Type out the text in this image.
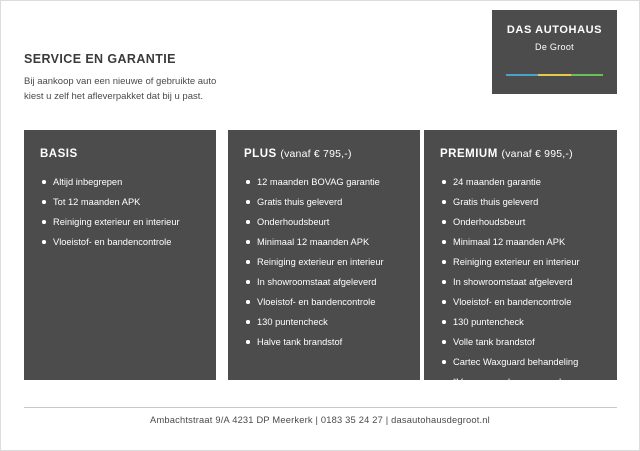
DAS AUTOHAUS
De Groot
SERVICE EN GARANTIE

Bij aankoop van een nieuwe of gebruikte auto

kiest u zelf het afleverpakket dat bij u past.

BASIS
Altijd inbegrepen
Tot 12 maanden APK
Reiniging exterieur en interieur
Vloeistof- en bandencontrole
PLUS (vanaf € 795,-)
12 maanden BOVAG garantie
Gratis thuis geleverd
Onderhoudsbeurt
Minimaal 12 maanden APK
Reiniging exterieur en interieur
In showroomstaat afgeleverd
Vloeistof- en bandencontrole
130 puntencheck
Halve tank brandstof
PREMIUM (vanaf € 995,-)
24 maanden garantie
Gratis thuis geleverd
Onderhoudsbeurt
Minimaal 12 maanden APK
Reiniging exterieur en interieur
In showroomstaat afgeleverd
Vloeistof- en bandencontrole
130 puntencheck
Volle tank brandstof
Cartec Waxguard behandeling
*Vraag naar de voorwaarden
Ambachtstraat 9/A 4231 DP Meerkerk | 0183 35 24 27 | dasautohausdegroot.nl
